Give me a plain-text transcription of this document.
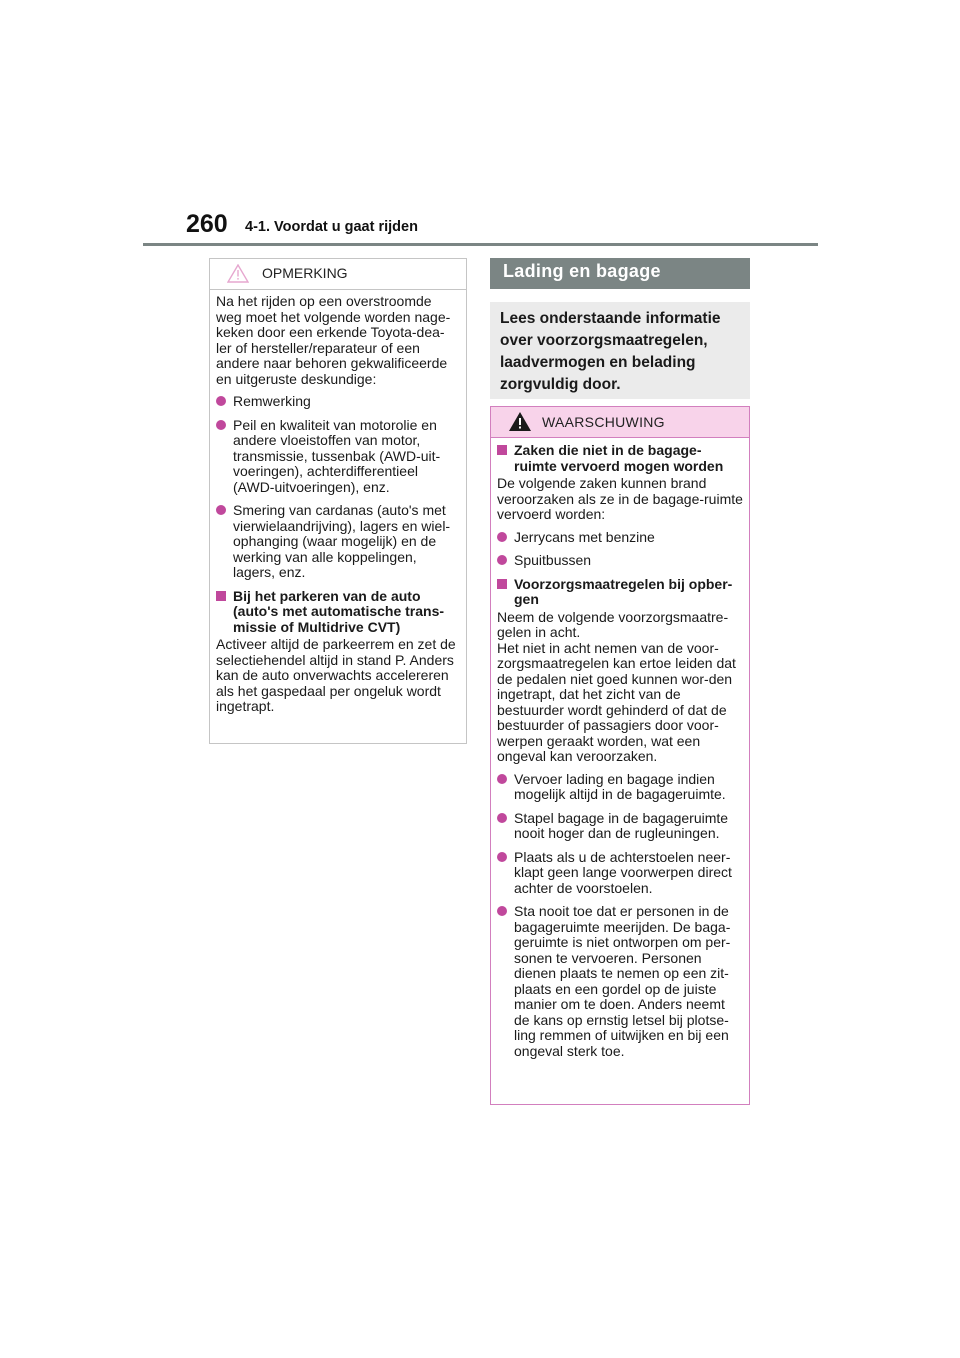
260 4-1. Voordat u gaat rijden
OPMERKING

Na het rijden op een overstroomde weg moet het volgende worden nage-keken door een erkende Toyota-dea-ler of hersteller/reparateur of een andere naar behoren gekwalificeerde en uitgeruste deskundige:

Remwerking
Peil en kwaliteit van motorolie en andere vloeistoffen van motor, transmissie, tussenbak (AWD-uit-voeringen), achterdifferentieel (AWD-uitvoeringen), enz.
Smering van cardanas (auto's met vierwielaandrijving), lagers en wiel-ophanging (waar mogelijk) en de werking van alle koppelingen, lagers, enz.
Bij het parkeren van de auto (auto's met automatische trans-missie of Multidrive CVT)

Activeer altijd de parkeerrem en zet de selectiehendel altijd in stand P. Anders kan de auto onverwachts accelereren als het gaspedaal per ongeluk wordt ingetrapt.

Lading en bagage
Lees onderstaande informatie over voorzorgsmaatregelen, laadvermogen en belading zorgvuldig door.
WAARSCHUWING
Zaken die niet in de bagage-ruimte vervoerd mogen worden

De volgende zaken kunnen brand veroorzaken als ze in de bagage-ruimte vervoerd worden:

Jerrycans met benzine
Spuitbussen
Voorzorgsmaatregelen bij opber-gen

Neem de volgende voorzorgsmaatre-gelen in acht.

Het niet in acht nemen van de voor-zorgsmaatregelen kan ertoe leiden dat de pedalen niet goed kunnen wor-den ingetrapt, dat het zicht van de bestuurder wordt gehinderd of dat de bestuurder of passagiers door voor-werpen geraakt worden, wat een ongeval kan veroorzaken.

Vervoer lading en bagage indien mogelijk altijd in de bagageruimte.
Stapel bagage in de bagageruimte nooit hoger dan de rugleuningen.
Plaats als u de achterstoelen neer-klapt geen lange voorwerpen direct achter de voorstoelen.
Sta nooit toe dat er personen in de bagageruimte meerijden. De baga-geruimte is niet ontworpen om per-sonen te vervoeren. Personen dienen plaats te nemen op een zit-plaats en een gordel op de juiste manier om te doen. Anders neemt de kans op ernstig letsel bij plotse-ling remmen of uitwijken en bij een ongeval sterk toe.
